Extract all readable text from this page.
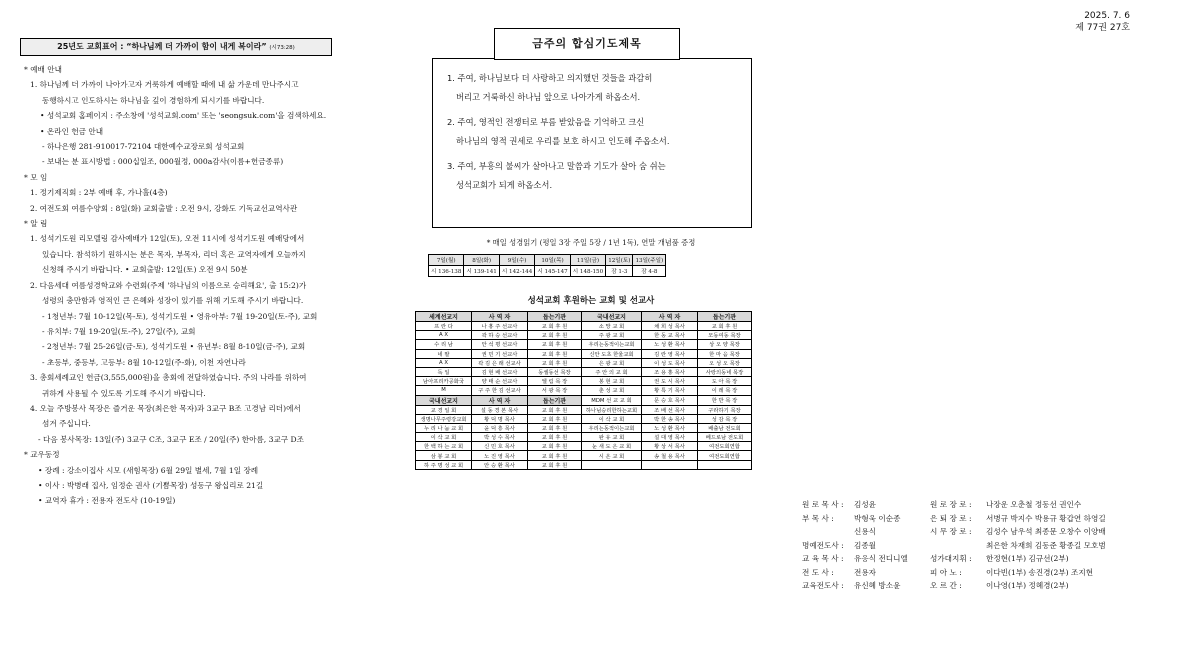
2025. 7. 6
제 77권 27호
25년도 교회표어 : “하나님께 더 가까이 함이 내게 복이라” (시73:28)
* 예배 안내
1. 하나님께 더 가까이 나아가고자 거룩하게 예배할 때에 내 삶 가운데 만나주시고
동행하시고 인도하시는 하나님을 깊이 경험하게 되시기를 바랍니다.
• 성석교회 홈페이지 : 주소창에 '성석교회.com' 또는 'seongsuk.com'을 검색하세요.
• 온라인 헌금 안내
- 하나은행 281-910017-72104 대한예수교장로회 성석교회
- 보내는 분 표시방법 : 000십일조, 000월정, 000a감사(이름+헌금종류)
* 모 임
1. 정기제직회 : 2부 예배 후, 가나홀(4층)
2. 여전도회 여름수양회 : 8일(화) 교회출발 : 오전 9시, 강화도 기독교선교역사관
* 알 림
1. 성석기도원 리모델링 감사예배가 12일(토), 오전 11시에 성석기도원 예배당에서
있습니다. 참석하기 원하시는 분은 목자, 부목자, 리더 혹은 교역자에게 오늘까지
신청해 주시기 바랍니다. • 교회출발: 12일(토) 오전 9시 50분
2. 다음세대 여름성경학교와 수련회(주제 '하나님의 이름으로 승리해요', 출 15:2)가
성령의 충만함과 영적인 큰 은혜와 성장이 있기를 위해 기도해 주시기 바랍니다.
- 1청년부: 7월 10-12일(목-토), 성석기도원 • 영유아부: 7월 19-20일(토-주), 교회
- 유치부: 7월 19-20일(토-주), 27일(주), 교회
- 2청년부: 7월 25-26일(금-토), 성석기도원 • 유년부: 8월 8-10일(금-주), 교회
- 초등부, 중등부, 고등부: 8월 10-12일(주-화), 이천 자연나라
3. 총회세례교인 헌금(3,555,000원)을 총회에 전달하였습니다. 주의 나라를 위하여
귀하게 사용될 수 있도록 기도해 주시기 바랍니다.
4. 오늘 주방봉사 목장은 즐거운 목장(최은한 목자)과 3교구 B조 고경남 리더)에서
섬겨 주십니다.
- 다음 봉사목장: 13일(주) 3교구 C조, 3교구 E조 / 20일(주) 한아름, 3교구 D조
* 교우동정
• 장례 : 강소이집사 시모 (새힘목장) 6월 29일 별세, 7월 1일 장례
• 이사 : 박병래 집사, 임정순 권사 (기쁨목장) 성동구 왕십리로 21길
• 교역자 휴가 : 전용자 전도사 (10-19일)
1. 주여, 하나님보다 더 사랑하고 의지했던 것들을 과감히
버리고 거룩하신 하나님 앞으로 나아가게 하옵소서.
2. 주여, 영적인 전쟁터로 부름 받았음을 기억하고 크신
하나님의 영적 권세로 우리를 보호 하시고 인도해 주옵소서.
3. 주여, 부흥의 불씨가 살아나고 말씀과 기도가 살아 숨 쉬는
성석교회가 되게 하옵소서.
금주의 합심기도제목
* 매일 성경읽기 (평일 3장 주일 5장 / 1년 1독), 연말 개념품 증정
7일(월)	8일(화)	9일(수)	10일(목)	11일(금)	12일(토)	13일(주일)
시 136-138	시 139-141	시 142-144	시 145-147	시 148-150	잠 1-3	잠 4-8
성석교회 후원하는 교회 및 선교사
세계선교지	사 역 자	돕는기관	국내선교지	사 역 자	돕는기관
프 란 다	나 홍 주 선교사	교 회 후 원	소 망 교 회	채 희 성 목사	교 회 후 원
A X	곽 하 승 선교사	교 회 후 원	주 광 교 회	한 동 교 목사	모동여동 목장
수 리 남	안 석 평 선교사	교 회 후 원	우리는동적이는교회	노 성 환 목사	상 오 양 목장
네 팔	권 민 기 선교사	교 회 후 원	신안 도초 한울교회	김 란 영 목사	한 마 음 목장
A X	곽 김 은 래 선교사	교 회 후 원	은 광 교 회	이 성 도 목사	오 성 오 목장
독 일	김 현 배 선교사	동셀동선 목장	주 안 의 교 회	조 용 홍 목사	사랑의동네 목장
남아프리카공화국	양 태 순 선교사	엘 림 목 장	봉 현 교 회	권 도 시 목사	도 아 목 장
M	구 주 한 김 선교사	서 광 목 장	춘 성 교 회	황 특 기 목사	이 레 목 장
국내선교지	사 역 자	돕는기관	MDM 선 교 교 회	문 승 호 목사	한 반 목 장
교 경 일 회	설 동 경 본 목사	교 회 후 원	하나님승리한하는교회	조 배 선 목사	구라하기 목장
생명나무주령강교회	황 덕 명 목사	교 회 후 원	이 삭 교 회	박 한 송 목사	성 감 목 장
누 리 나 눔 교 회	윤 덕 흥 목사	교 회 후 원	우리는동적이는교회	노 성 환 목사	배출남 전도회
이 삭 교 회	박 성 수 목사	교 회 후 원	완 유 교 회	설 대 영 목사	베드로남 전도회
한 백 하 는 교 회	신 민 호 목사	교 회 후 원	눈 새 도 은 교 회	황 상 서 목사	여전도회연합
삼 봉 교 회	노 진 영 목사	교 회 후 원	시 온 교 회	송 철 용 목사	여전도회연합
하 주 명 성 교 회	안 승 환 목사	교 회 후 원			
원 로 목 사 :	김성윤
부 목 사 :	박형욱 이순종
신용식
명예전도사 :	김종월
교 육 목 사 :	유응식 전디니엘
전 도 사 :	전용자
교육전도사 :	유신혜 방소윤
원 로 장 로 :	나장운 오춘철 정동선 권인수
은 퇴 장 로 :	서병규 박지수 박용규 황갑연 하영길
시 무 장 로 :	김성수 남우석 최종문 오창수 이양배
최은한 차재희 김동준 황종길 모호범
성가대지휘 :	한정현(1부) 김규선(2부)
피 아 노 :	이다빈(1부) 송진경(2부) 조지현
오 르 간 :	이나영(1부) 정혜경(2부)
